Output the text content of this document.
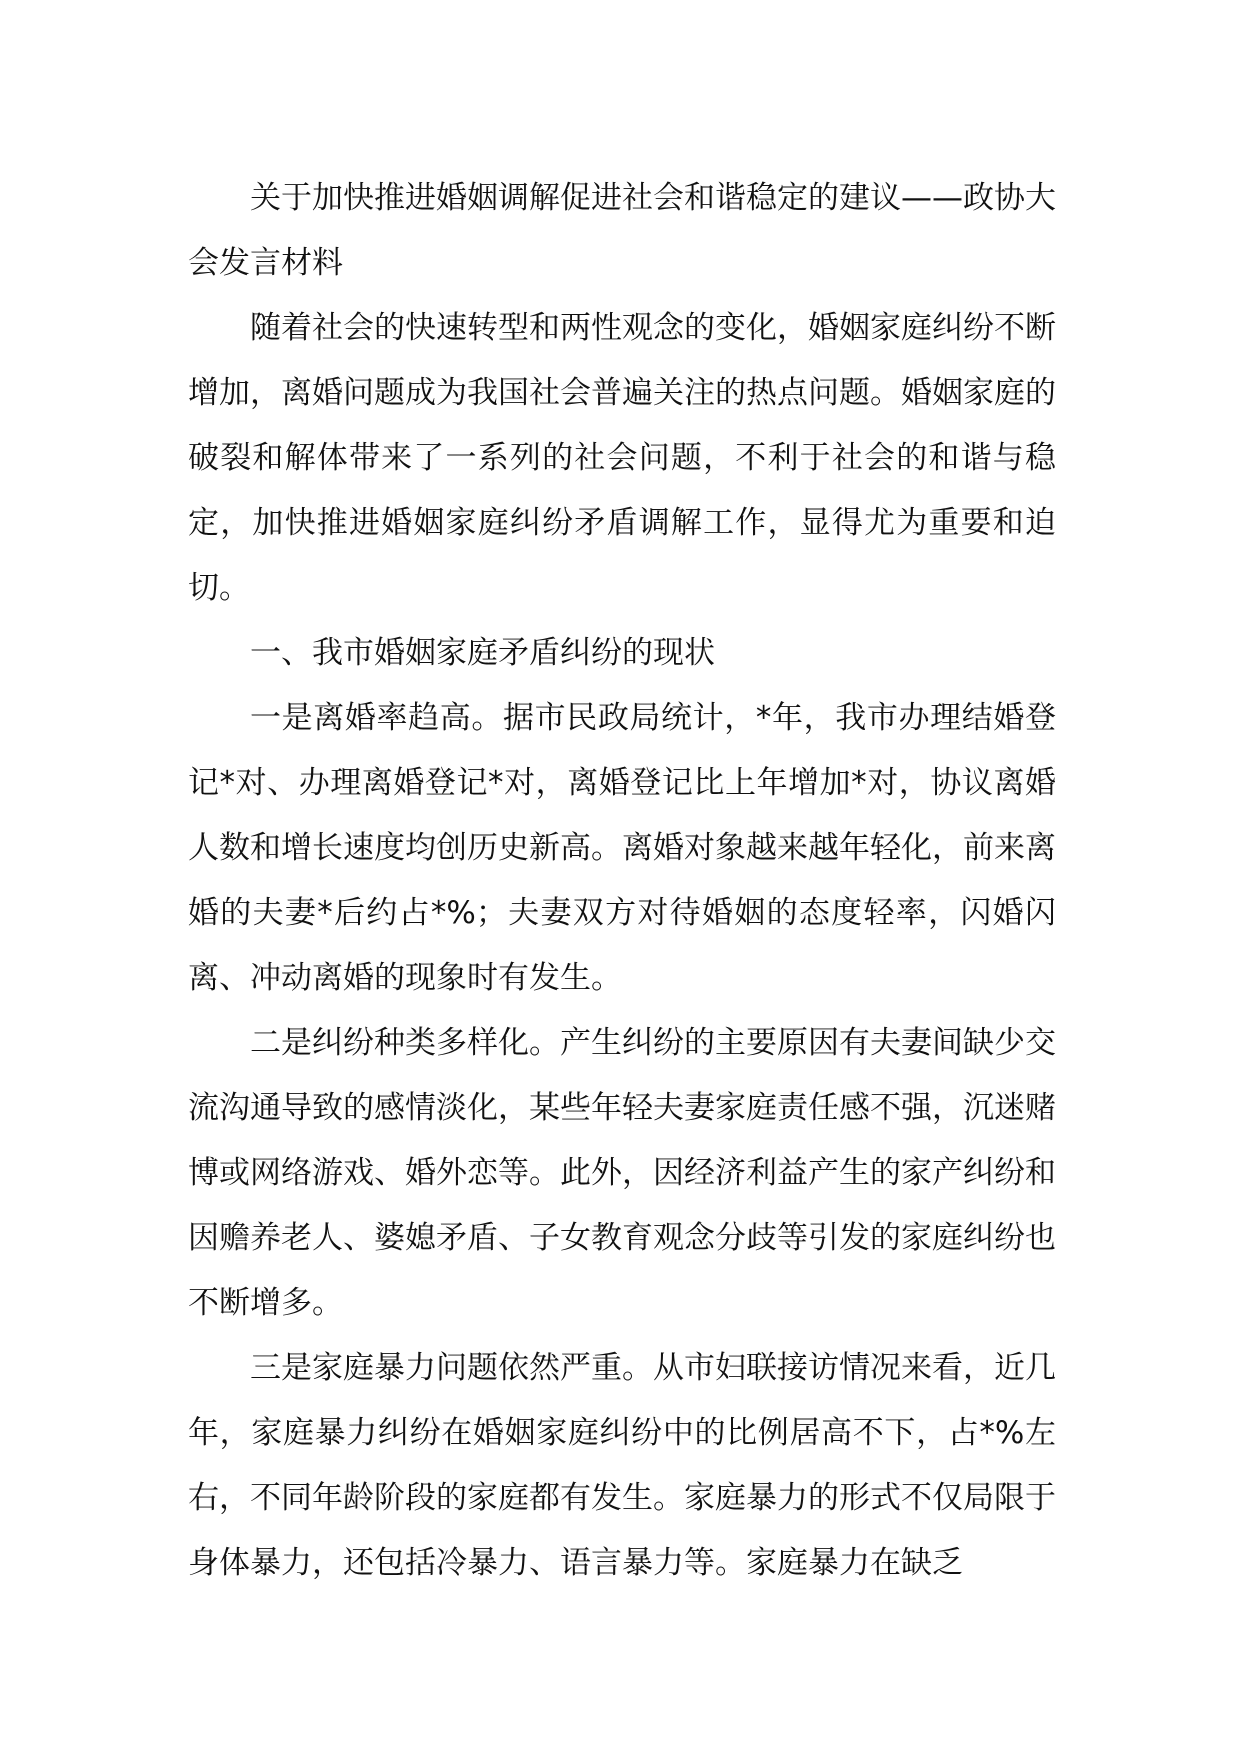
关于加快推进婚姻调解促进社会和谐稳定的建议——政协大会发言材料

随着社会的快速转型和两性观念的变化，婚姻家庭纠纷不断增加，离婚问题成为我国社会普遍关注的热点问题。婚姻家庭的破裂和解体带来了一系列的社会问题，不利于社会的和谐与稳定，加快推进婚姻家庭纠纷矛盾调解工作，显得尤为重要和迫切。

一、我市婚姻家庭矛盾纠纷的现状

一是离婚率趋高。据市民政局统计，*年，我市办理结婚登记*对、办理离婚登记*对，离婚登记比上年增加*对，协议离婚人数和增长速度均创历史新高。离婚对象越来越年轻化，前来离婚的夫妻*后约占*%；夫妻双方对待婚姻的态度轻率，闪婚闪离、冲动离婚的现象时有发生。

二是纠纷种类多样化。产生纠纷的主要原因有夫妻间缺少交流沟通导致的感情淡化，某些年轻夫妻家庭责任感不强，沉迷赌博或网络游戏、婚外恋等。此外，因经济利益产生的家产纠纷和因赡养老人、婆媳矛盾、子女教育观念分歧等引发的家庭纠纷也不断增多。

三是家庭暴力问题依然严重。从市妇联接访情况来看，近几年，家庭暴力纠纷在婚姻家庭纠纷中的比例居高不下，占*%左右，不同年龄阶段的家庭都有发生。家庭暴力的形式不仅局限于身体暴力，还包括冷暴力、语言暴力等。家庭暴力在缺乏
